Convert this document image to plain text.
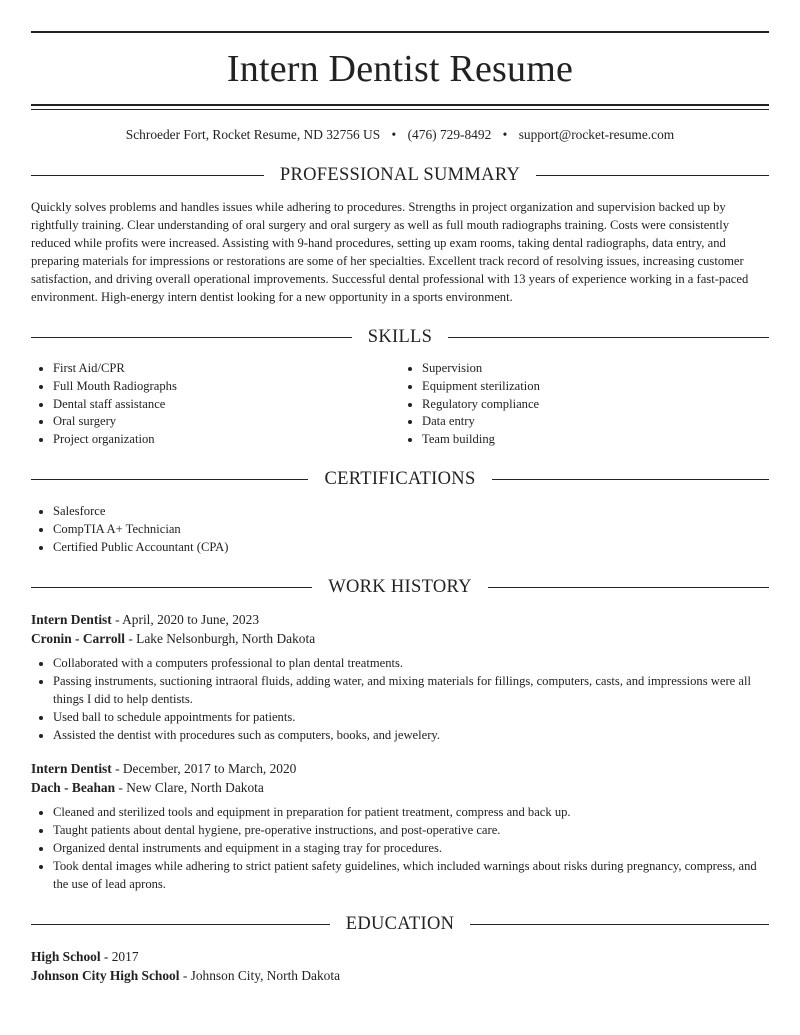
Intern Dentist Resume
Schroeder Fort, Rocket Resume, ND 32756 US • (476) 729-8492 • support@rocket-resume.com
PROFESSIONAL SUMMARY

Quickly solves problems and handles issues while adhering to procedures. Strengths in project organization and supervision backed up by rightfully training. Clear understanding of oral surgery and oral surgery as well as full mouth radiographs training. Costs were consistently reduced while profits were increased. Assisting with 9-hand procedures, setting up exam rooms, taking dental radiographs, data entry, and preparing materials for impressions or restorations are some of her specialties. Excellent track record of resolving issues, increasing customer satisfaction, and driving overall operational improvements. Successful dental professional with 13 years of experience working in a fast-paced environment. High-energy intern dentist looking for a new opportunity in a sports environment.

SKILLS
• First Aid/CPR
• Full Mouth Radiographs
• Dental staff assistance
• Oral surgery
• Project organization
• Supervision
• Equipment sterilization
• Regulatory compliance
• Data entry
• Team building
CERTIFICATIONS
• Salesforce
• CompTIA A+ Technician
• Certified Public Accountant (CPA)
WORK HISTORY
Intern Dentist - April, 2020 to June, 2023
Cronin - Carroll - Lake Nelsonburgh, North Dakota
• Collaborated with a computers professional to plan dental treatments.
• Passing instruments, suctioning intraoral fluids, adding water, and mixing materials for fillings, computers, casts, and impressions were all things I did to help dentists.
• Used ball to schedule appointments for patients.
• Assisted the dentist with procedures such as computers, books, and jewelery.
Intern Dentist - December, 2017 to March, 2020
Dach - Beahan - New Clare, North Dakota
• Cleaned and sterilized tools and equipment in preparation for patient treatment, compress and back up.
• Taught patients about dental hygiene, pre-operative instructions, and post-operative care.
• Organized dental instruments and equipment in a staging tray for procedures.
• Took dental images while adhering to strict patient safety guidelines, which included warnings about risks during pregnancy, compress, and the use of lead aprons.
EDUCATION
High School - 2017
Johnson City High School - Johnson City, North Dakota
